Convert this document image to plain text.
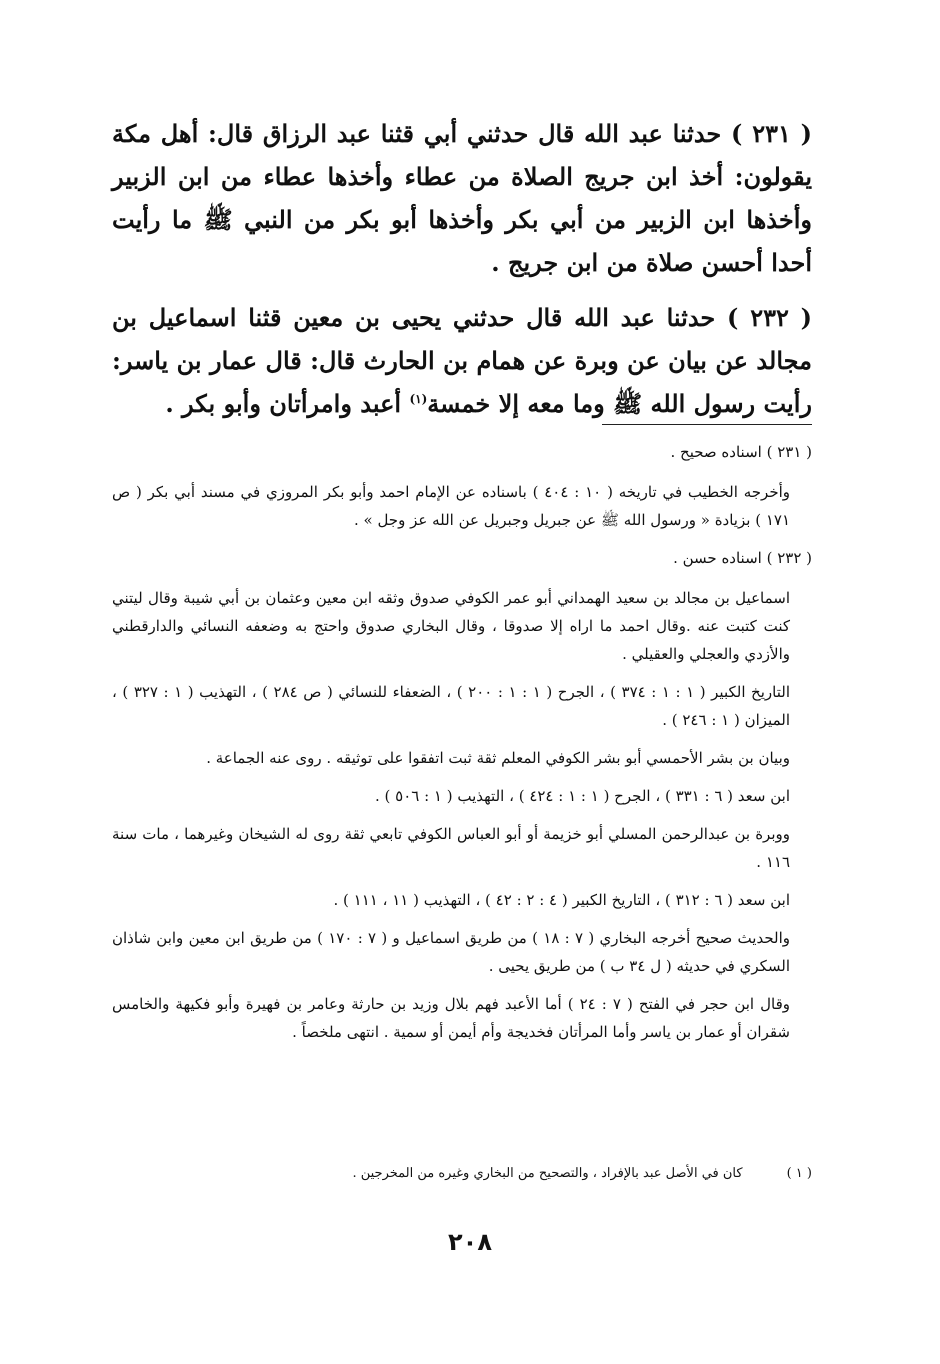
( ٢٣١ ) حدثنا عبد الله قال حدثني أبي قثنا عبد الرزاق قال: أهل مكة يقولون: أخذ ابن جريج الصلاة من عطاء وأخذها عطاء من ابن الزبير وأخذها ابن الزبير من أبي بكر وأخذها أبو بكر من النبي ﷺ ما رأيت أحدا أحسن صلاة من ابن جريج .

( ٢٣٢ ) حدثنا عبد الله قال حدثني يحيى بن معين قثنا اسماعيل بن مجالد عن بيان عن وبرة عن همام بن الحارث قال: قال عمار بن ياسر: رأيت رسول الله ﷺ وما معه إلا خمسة$^{(١)}$ أعبد وامرأتان وأبو بكر .

( ٢٣١ ) اسناده صحيح .

وأخرجه الخطيب في تاريخه ( ١٠ : ٤٠٤ ) باسناده عن الإمام احمد وأبو بكر المروزي في مسند أبي بكر ( ص ١٧١ ) بزيادة « ورسول الله ﷺ عن جبريل وجبريل عن الله عز وجل » .

( ٢٣٢ ) اسناده حسن .

اسماعيل بن مجالد بن سعيد الهمداني أبو عمر الكوفي صدوق وثقه ابن معين وعثمان بن أبي شيبة وقال ليتني كنت كتبت عنه .وقال احمد ما اراه إلا صدوقا ، وقال البخاري صدوق واحتج به وضعفه النسائي والدارقطني والأزدي والعجلي والعقيلي .

التاريخ الكبير ( ١ : ١ : ٣٧٤ ) ، الجرح ( ١ : ١ : ٢٠٠ ) ، الضعفاء للنسائي ( ص ٢٨٤ ) ، التهذيب ( ١ : ٣٢٧ ) ، الميزان ( ١ : ٢٤٦ ) .

وبيان بن بشر الأحمسي أبو بشر الكوفي المعلم ثقة ثبت اتفقوا على توثيقه . روى عنه الجماعة .

ابن سعد ( ٦ : ٣٣١ ) ، الجرح ( ١ : ١ : ٤٢٤ ) ، التهذيب ( ١ : ٥٠٦ ) .

ووبرة بن عبدالرحمن المسلي أبو خزيمة أو أبو العباس الكوفي تابعي ثقة روى له الشيخان وغيرهما ، مات سنة ١١٦ .

ابن سعد ( ٦ : ٣١٢ ) ، التاريخ الكبير ( ٤ : ٢ : ٤٢ ) ، التهذيب ( ١١ ، ١١١ ) .

والحديث صحيح أخرجه البخاري ( ٧ : ١٨ ) من طريق اسماعيل و ( ٧ : ١٧٠ ) من طريق ابن معين وابن شاذان السكري في حديثه ( ل ٣٤ ب ) من طريق يحيى .

وقال ابن حجر في الفتح ( ٧ : ٢٤ ) أما الأعبد فهم بلال وزيد بن حارثة وعامر بن فهيرة وأبو فكيهة والخامس شقران أو عمار بن ياسر وأما المرأتان فخديجة وأم أيمن أو سمية . انتهى ملخصاً .

( ١ )كان في الأصل عبد بالإفراد ، والتصحيح من البخاري وغيره من المخرجين .
٢٠٨
